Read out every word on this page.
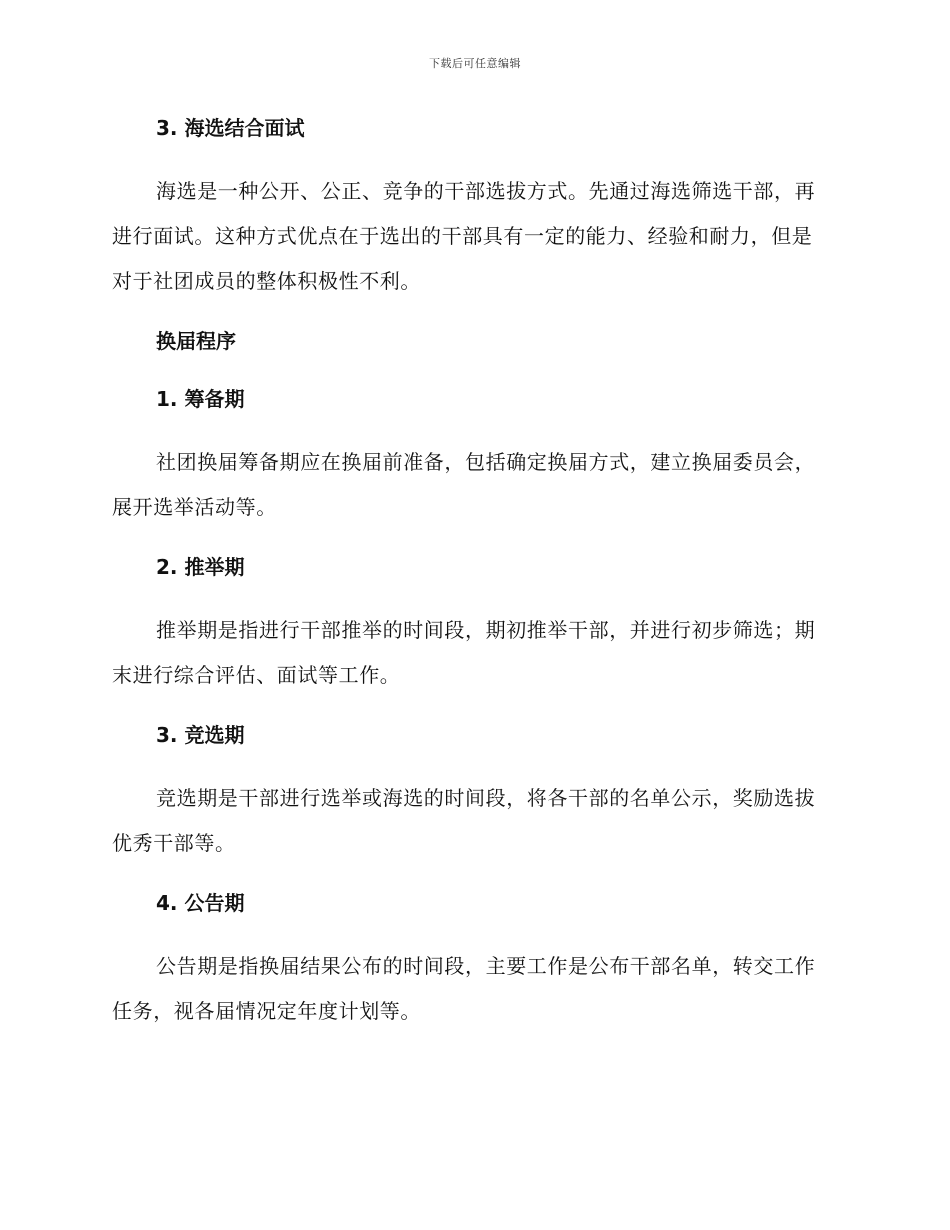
下载后可任意编辑
3. 海选结合面试

海选是一种公开、公正、竞争的干部选拔方式。先通过海选筛选干部，再进行面试。这种方式优点在于选出的干部具有一定的能力、经验和耐力，但是对于社团成员的整体积极性不利。

换届程序
1. 筹备期

社团换届筹备期应在换届前准备，包括确定换届方式，建立换届委员会，展开选举活动等。

2. 推举期

推举期是指进行干部推举的时间段，期初推举干部，并进行初步筛选；期末进行综合评估、面试等工作。

3. 竞选期

竞选期是干部进行选举或海选的时间段，将各干部的名单公示，奖励选拔优秀干部等。

4. 公告期

公告期是指换届结果公布的时间段，主要工作是公布干部名单，转交工作任务，视各届情况定年度计划等。
